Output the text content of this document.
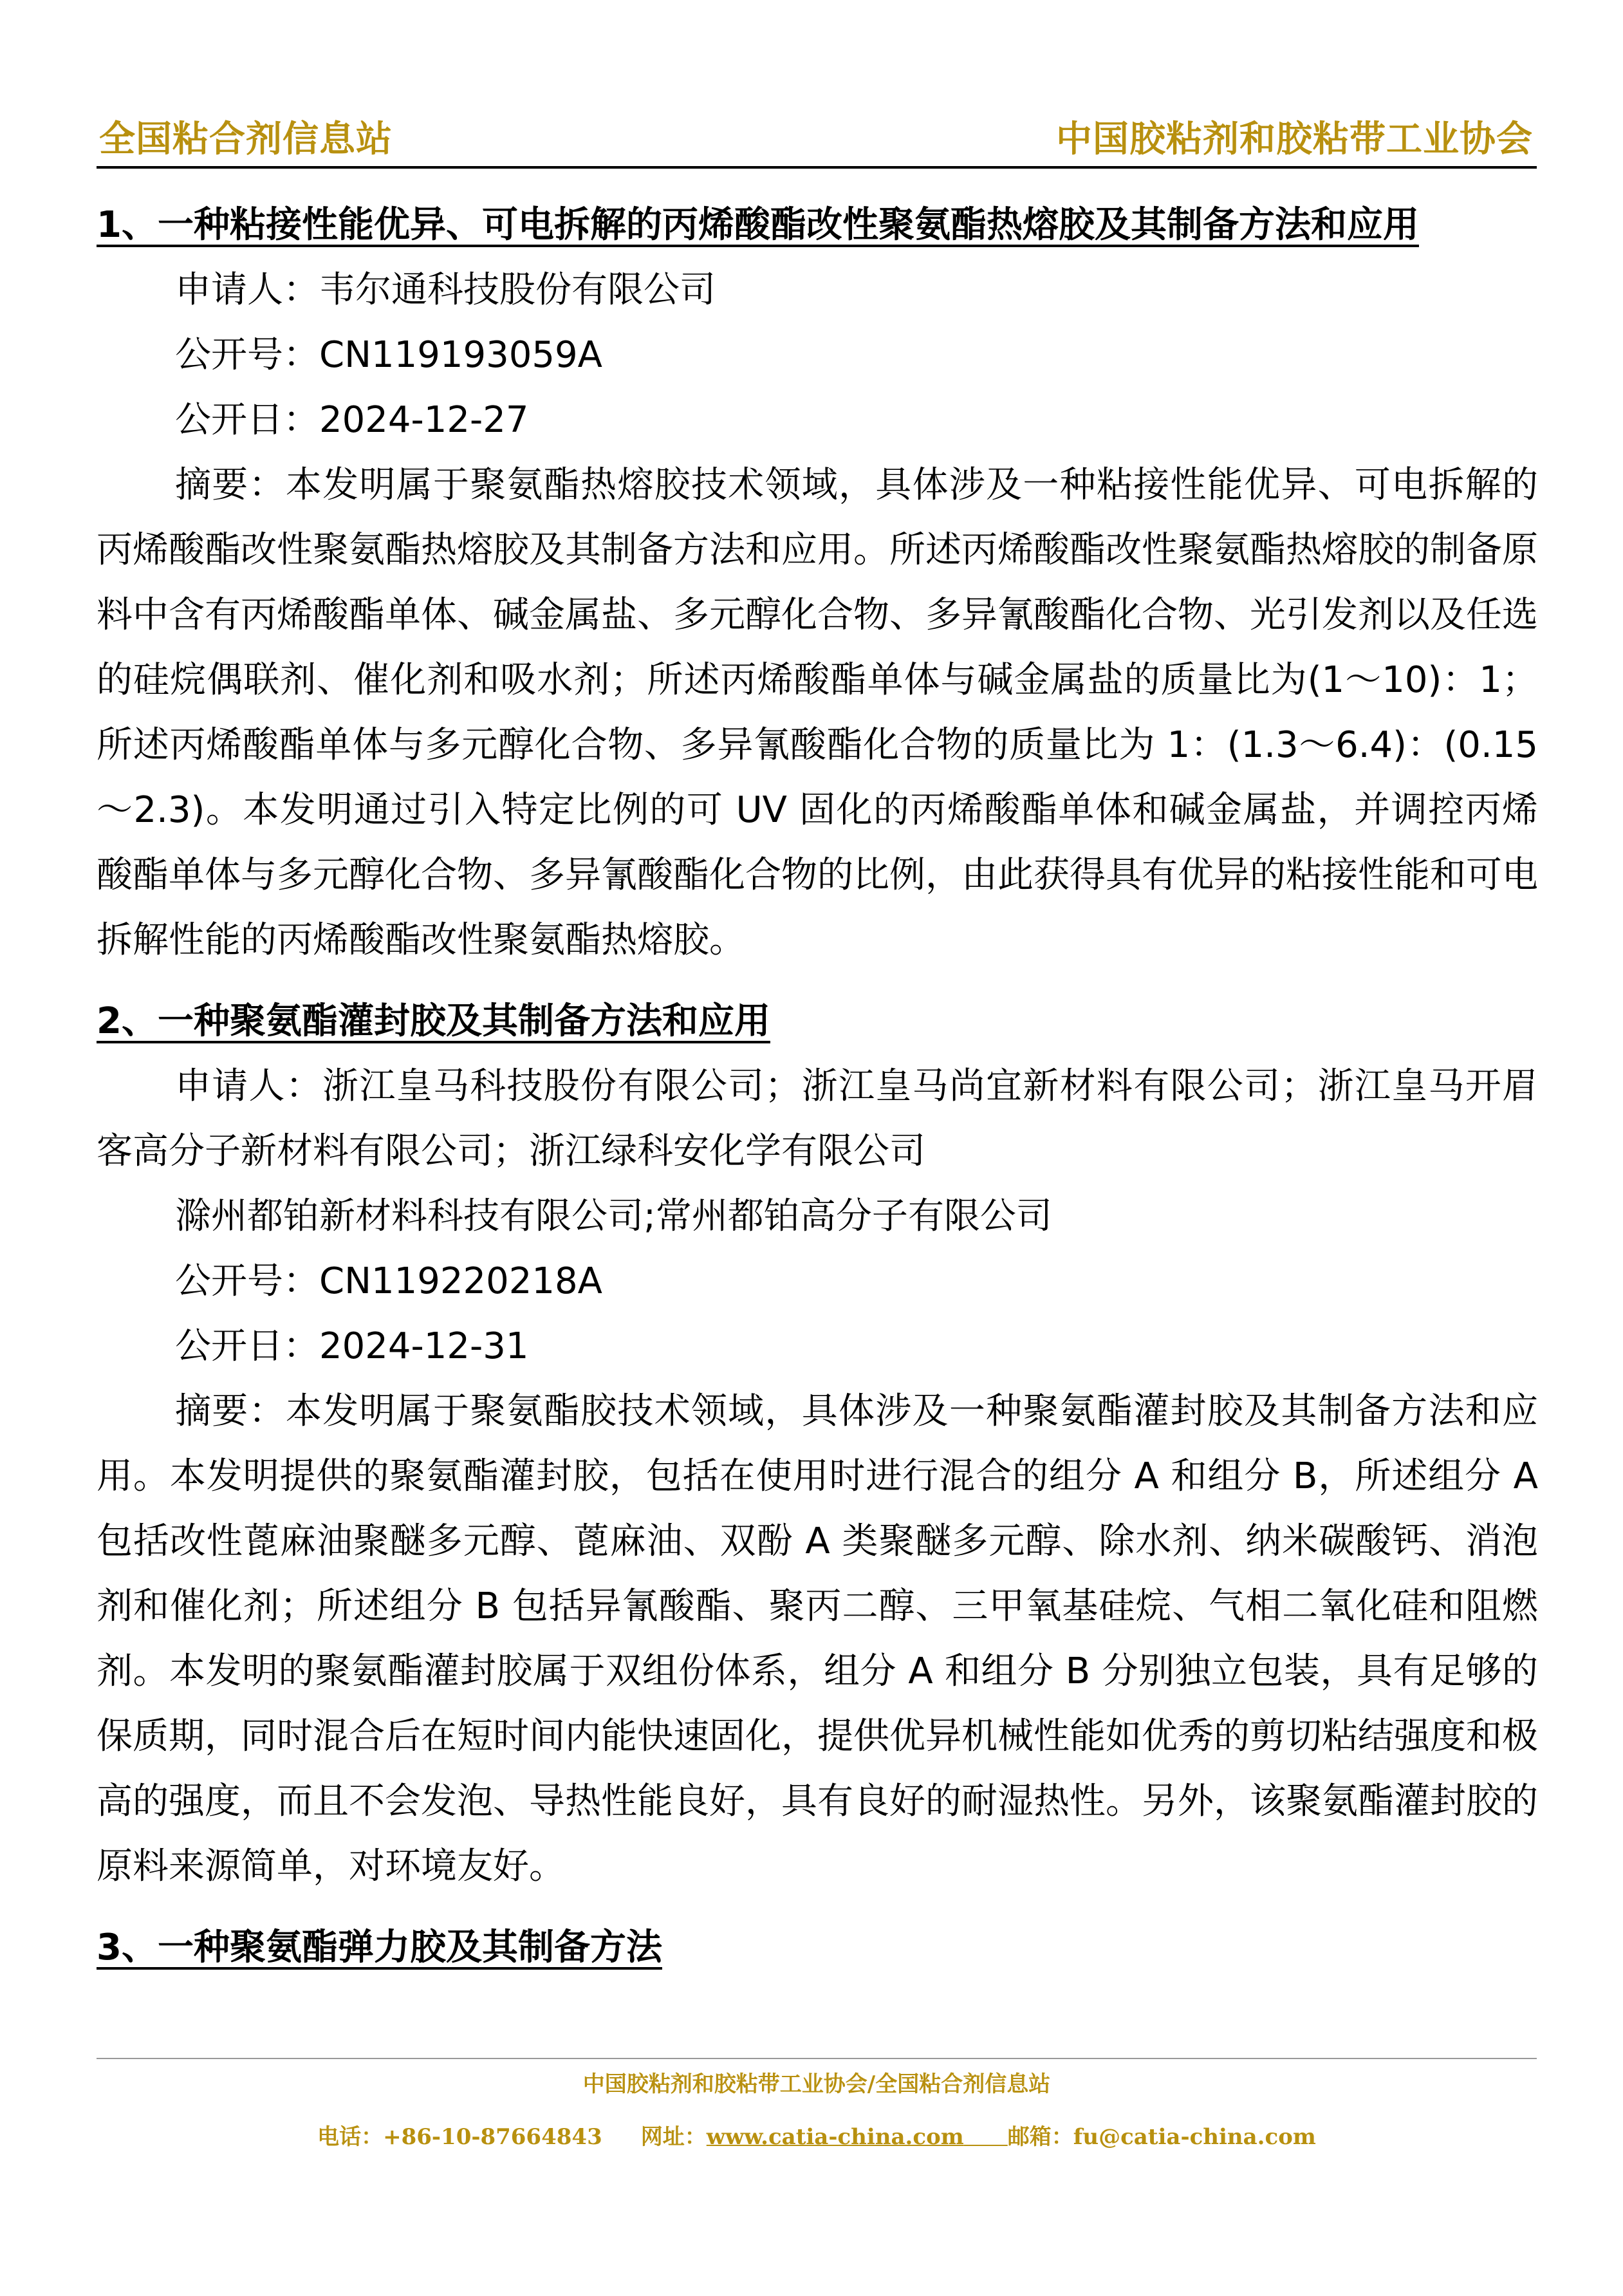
全国粘合剂信息站	中国胶粘剂和胶粘带工业协会

1、一种粘接性能优异、可电拆解的丙烯酸酯改性聚氨酯热熔胶及其制备方法和应用

申请人：韦尔通科技股份有限公司

公开号：CN119193059A

公开日：2024-12-27

摘要：本发明属于聚氨酯热熔胶技术领域，具体涉及一种粘接性能优异、可电拆解的丙烯酸酯改性聚氨酯热熔胶及其制备方法和应用。所述丙烯酸酯改性聚氨酯热熔胶的制备原料中含有丙烯酸酯单体、碱金属盐、多元醇化合物、多异氰酸酯化合物、光引发剂以及任选的硅烷偶联剂、催化剂和吸水剂；所述丙烯酸酯单体与碱金属盐的质量比为(1～10)：1；所述丙烯酸酯单体与多元醇化合物、多异氰酸酯化合物的质量比为 1：(1.3～6.4)：(0.15～2.3)。本发明通过引入特定比例的可 UV 固化的丙烯酸酯单体和碱金属盐，并调控丙烯酸酯单体与多元醇化合物、多异氰酸酯化合物的比例，由此获得具有优异的粘接性能和可电拆解性能的丙烯酸酯改性聚氨酯热熔胶。

2、一种聚氨酯灌封胶及其制备方法和应用

申请人：浙江皇马科技股份有限公司；浙江皇马尚宜新材料有限公司；浙江皇马开眉客高分子新材料有限公司；浙江绿科安化学有限公司

滁州都铂新材料科技有限公司;常州都铂高分子有限公司

公开号：CN119220218A

公开日：2024-12-31

摘要：本发明属于聚氨酯胶技术领域，具体涉及一种聚氨酯灌封胶及其制备方法和应用。本发明提供的聚氨酯灌封胶，包括在使用时进行混合的组分 A 和组分 B，所述组分 A 包括改性蓖麻油聚醚多元醇、蓖麻油、双酚 A 类聚醚多元醇、除水剂、纳米碳酸钙、消泡剂和催化剂；所述组分 B 包括异氰酸酯、聚丙二醇、三甲氧基硅烷、气相二氧化硅和阻燃剂。本发明的聚氨酯灌封胶属于双组份体系，组分 A 和组分 B 分别独立包装，具有足够的保质期，同时混合后在短时间内能快速固化，提供优异机械性能如优秀的剪切粘结强度和极高的强度，而且不会发泡、导热性能良好，具有良好的耐湿热性。另外，该聚氨酯灌封胶的原料来源简单，对环境友好。

3、一种聚氨酯弹力胶及其制备方法

中国胶粘剂和胶粘带工业协会/全国粘合剂信息站
电话：+86-10-87664843 网址：www.catia-china.com   邮箱：fu@catia-china.com
